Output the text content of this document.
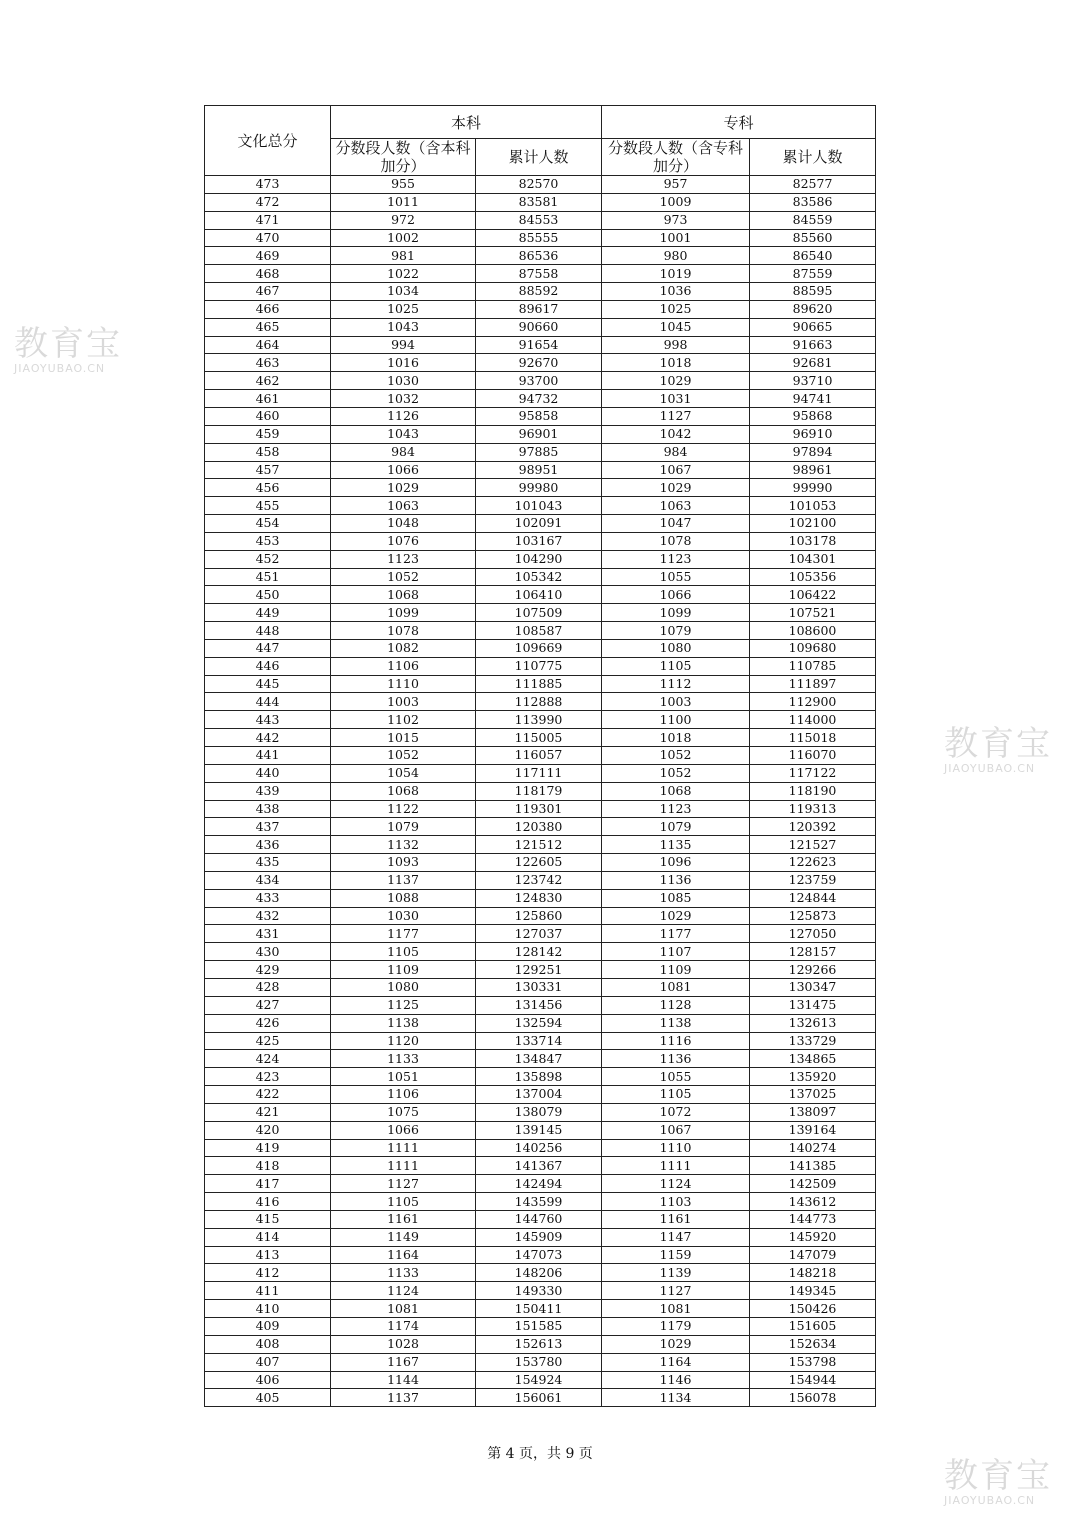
文化总分	本科		专科	
	分数段人数（含本科加分）	累计人数	分数段人数（含专科加分）	累计人数
473	955	82570	957	82577
472	1011	83581	1009	83586
471	972	84553	973	84559
470	1002	85555	1001	85560
469	981	86536	980	86540
468	1022	87558	1019	87559
467	1034	88592	1036	88595
466	1025	89617	1025	89620
465	1043	90660	1045	90665
464	994	91654	998	91663
463	1016	92670	1018	92681
462	1030	93700	1029	93710
461	1032	94732	1031	94741
460	1126	95858	1127	95868
459	1043	96901	1042	96910
458	984	97885	984	97894
457	1066	98951	1067	98961
456	1029	99980	1029	99990
455	1063	101043	1063	101053
454	1048	102091	1047	102100
453	1076	103167	1078	103178
452	1123	104290	1123	104301
451	1052	105342	1055	105356
450	1068	106410	1066	106422
449	1099	107509	1099	107521
448	1078	108587	1079	108600
447	1082	109669	1080	109680
446	1106	110775	1105	110785
445	1110	111885	1112	111897
444	1003	112888	1003	112900
443	1102	113990	1100	114000
442	1015	115005	1018	115018
441	1052	116057	1052	116070
440	1054	117111	1052	117122
439	1068	118179	1068	118190
438	1122	119301	1123	119313
437	1079	120380	1079	120392
436	1132	121512	1135	121527
435	1093	122605	1096	122623
434	1137	123742	1136	123759
433	1088	124830	1085	124844
432	1030	125860	1029	125873
431	1177	127037	1177	127050
430	1105	128142	1107	128157
429	1109	129251	1109	129266
428	1080	130331	1081	130347
427	1125	131456	1128	131475
426	1138	132594	1138	132613
425	1120	133714	1116	133729
424	1133	134847	1136	134865
423	1051	135898	1055	135920
422	1106	137004	1105	137025
421	1075	138079	1072	138097
420	1066	139145	1067	139164
419	1111	140256	1110	140274
418	1111	141367	1111	141385
417	1127	142494	1124	142509
416	1105	143599	1103	143612
415	1161	144760	1161	144773
414	1149	145909	1147	145920
413	1164	147073	1159	147079
412	1133	148206	1139	148218
411	1124	149330	1127	149345
410	1081	150411	1081	150426
409	1174	151585	1179	151605
408	1028	152613	1029	152634
407	1167	153780	1164	153798
406	1144	154924	1146	154944
405	1137	156061	1134	156078
第 4 页，共 9 页
教育宝
JIAOYUBAO.CN
教育宝
JIAOYUBAO.CN
教育宝
JIAOYUBAO.CN
